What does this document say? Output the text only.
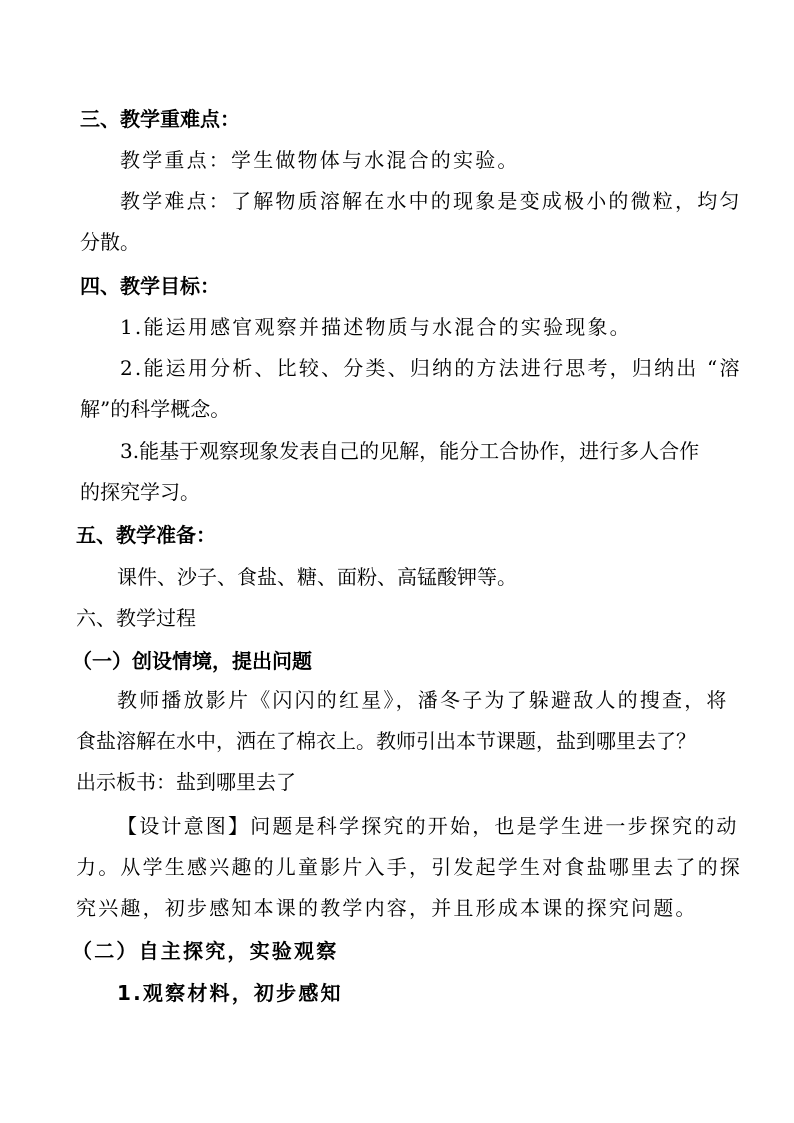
三、教学重难点：
教学重点：学生做物体与水混合的实验。
教学难点：了解物质溶解在水中的现象是变成极小的微粒，均匀
分散。
四、教学目标：
1.能运用感官观察并描述物质与水混合的实验现象。
2.能运用分析、比较、分类、归纳的方法进行思考，归纳出 “溶
解”的科学概念。
3.能基于观察现象发表自己的见解，能分工合协作，进行多人合作
的探究学习。
五、教学准备：
课件、沙子、食盐、糖、面粉、高锰酸钾等。
六、教学过程
（一）创设情境，提出问题
教师播放影片《闪闪的红星》，潘冬子为了躲避敌人的搜查，将
食盐溶解在水中，洒在了棉衣上。教师引出本节课题，盐到哪里去了？
出示板书：盐到哪里去了
【设计意图】问题是科学探究的开始，也是学生进一步探究的动
力。从学生感兴趣的儿童影片入手，引发起学生对食盐哪里去了的探
究兴趣，初步感知本课的教学内容，并且形成本课的探究问题。
（二）自主探究，实验观察
1.观察材料，初步感知
